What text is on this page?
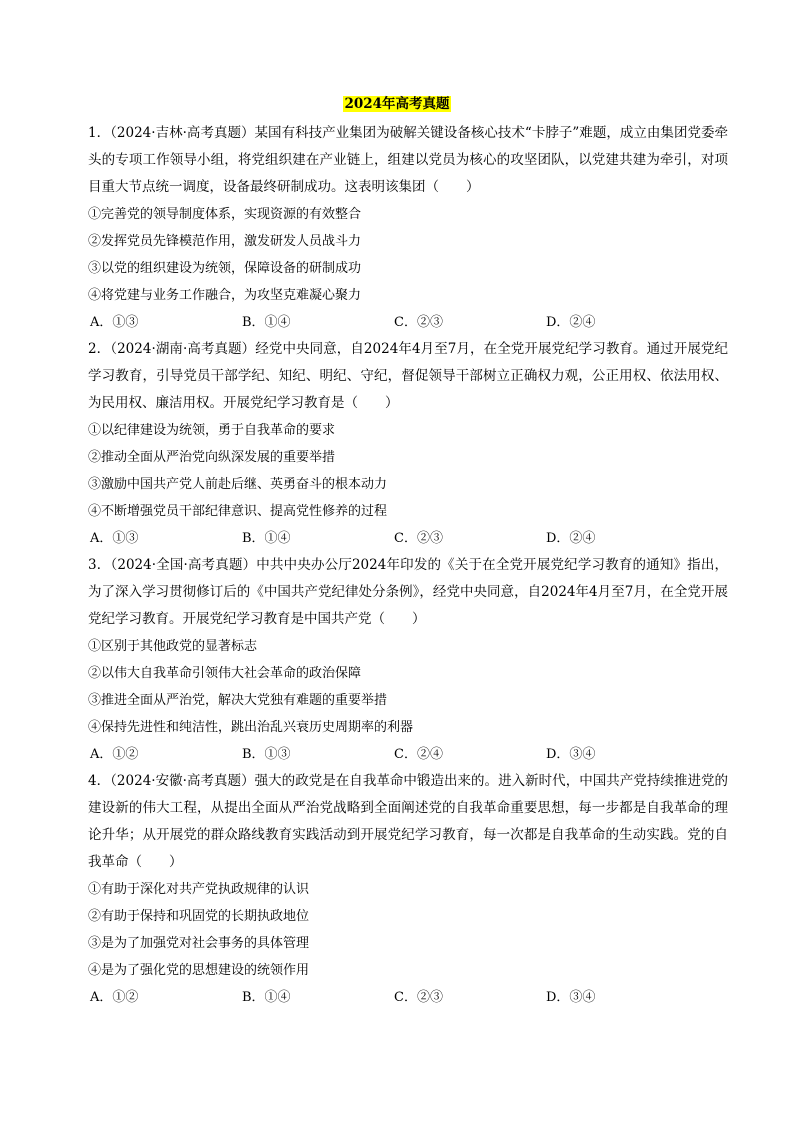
2024年高考真题

1．（2024·吉林·高考真题）某国有科技产业集团为破解关键设备核心技术“卡脖子”难题，成立由集团党委牵头的专项工作领导小组，将党组织建在产业链上，组建以党员为核心的攻坚团队，以党建共建为牵引，对项目重大节点统一调度，设备最终研制成功。这表明该集团（　　）

①完善党的领导制度体系，实现资源的有效整合

②发挥党员先锋模范作用，激发研发人员战斗力

③以党的组织建设为统领，保障设备的研制成功

④将党建与业务工作融合，为攻坚克难凝心聚力

A．①③	B．①④	C．②③	D．②④

2．（2024·湖南·高考真题）经党中央同意，自2024年4月至7月，在全党开展党纪学习教育。通过开展党纪学习教育，引导党员干部学纪、知纪、明纪、守纪，督促领导干部树立正确权力观，公正用权、依法用权、为民用权、廉洁用权。开展党纪学习教育是（　　）

①以纪律建设为统领，勇于自我革命的要求

②推动全面从严治党向纵深发展的重要举措

③激励中国共产党人前赴后继、英勇奋斗的根本动力

④不断增强党员干部纪律意识、提高党性修养的过程

A．①③	B．①④	C．②③	D．②④

3．（2024·全国·高考真题）中共中央办公厅2024年印发的《关于在全党开展党纪学习教育的通知》指出，为了深入学习贯彻修订后的《中国共产党纪律处分条例》，经党中央同意，自2024年4月至7月，在全党开展党纪学习教育。开展党纪学习教育是中国共产党（　　）

①区别于其他政党的显著标志

②以伟大自我革命引领伟大社会革命的政治保障

③推进全面从严治党，解决大党独有难题的重要举措

④保持先进性和纯洁性，跳出治乱兴衰历史周期率的利器

A．①②	B．①③	C．②④	D．③④

4．（2024·安徽·高考真题）强大的政党是在自我革命中锻造出来的。进入新时代，中国共产党持续推进党的建设新的伟大工程，从提出全面从严治党战略到全面阐述党的自我革命重要思想，每一步都是自我革命的理论升华；从开展党的群众路线教育实践活动到开展党纪学习教育，每一次都是自我革命的生动实践。党的自我革命（　　）

①有助于深化对共产党执政规律的认识

②有助于保持和巩固党的长期执政地位

③是为了加强党对社会事务的具体管理

④是为了强化党的思想建设的统领作用

A．①②	B．①④	C．②③	D．③④
